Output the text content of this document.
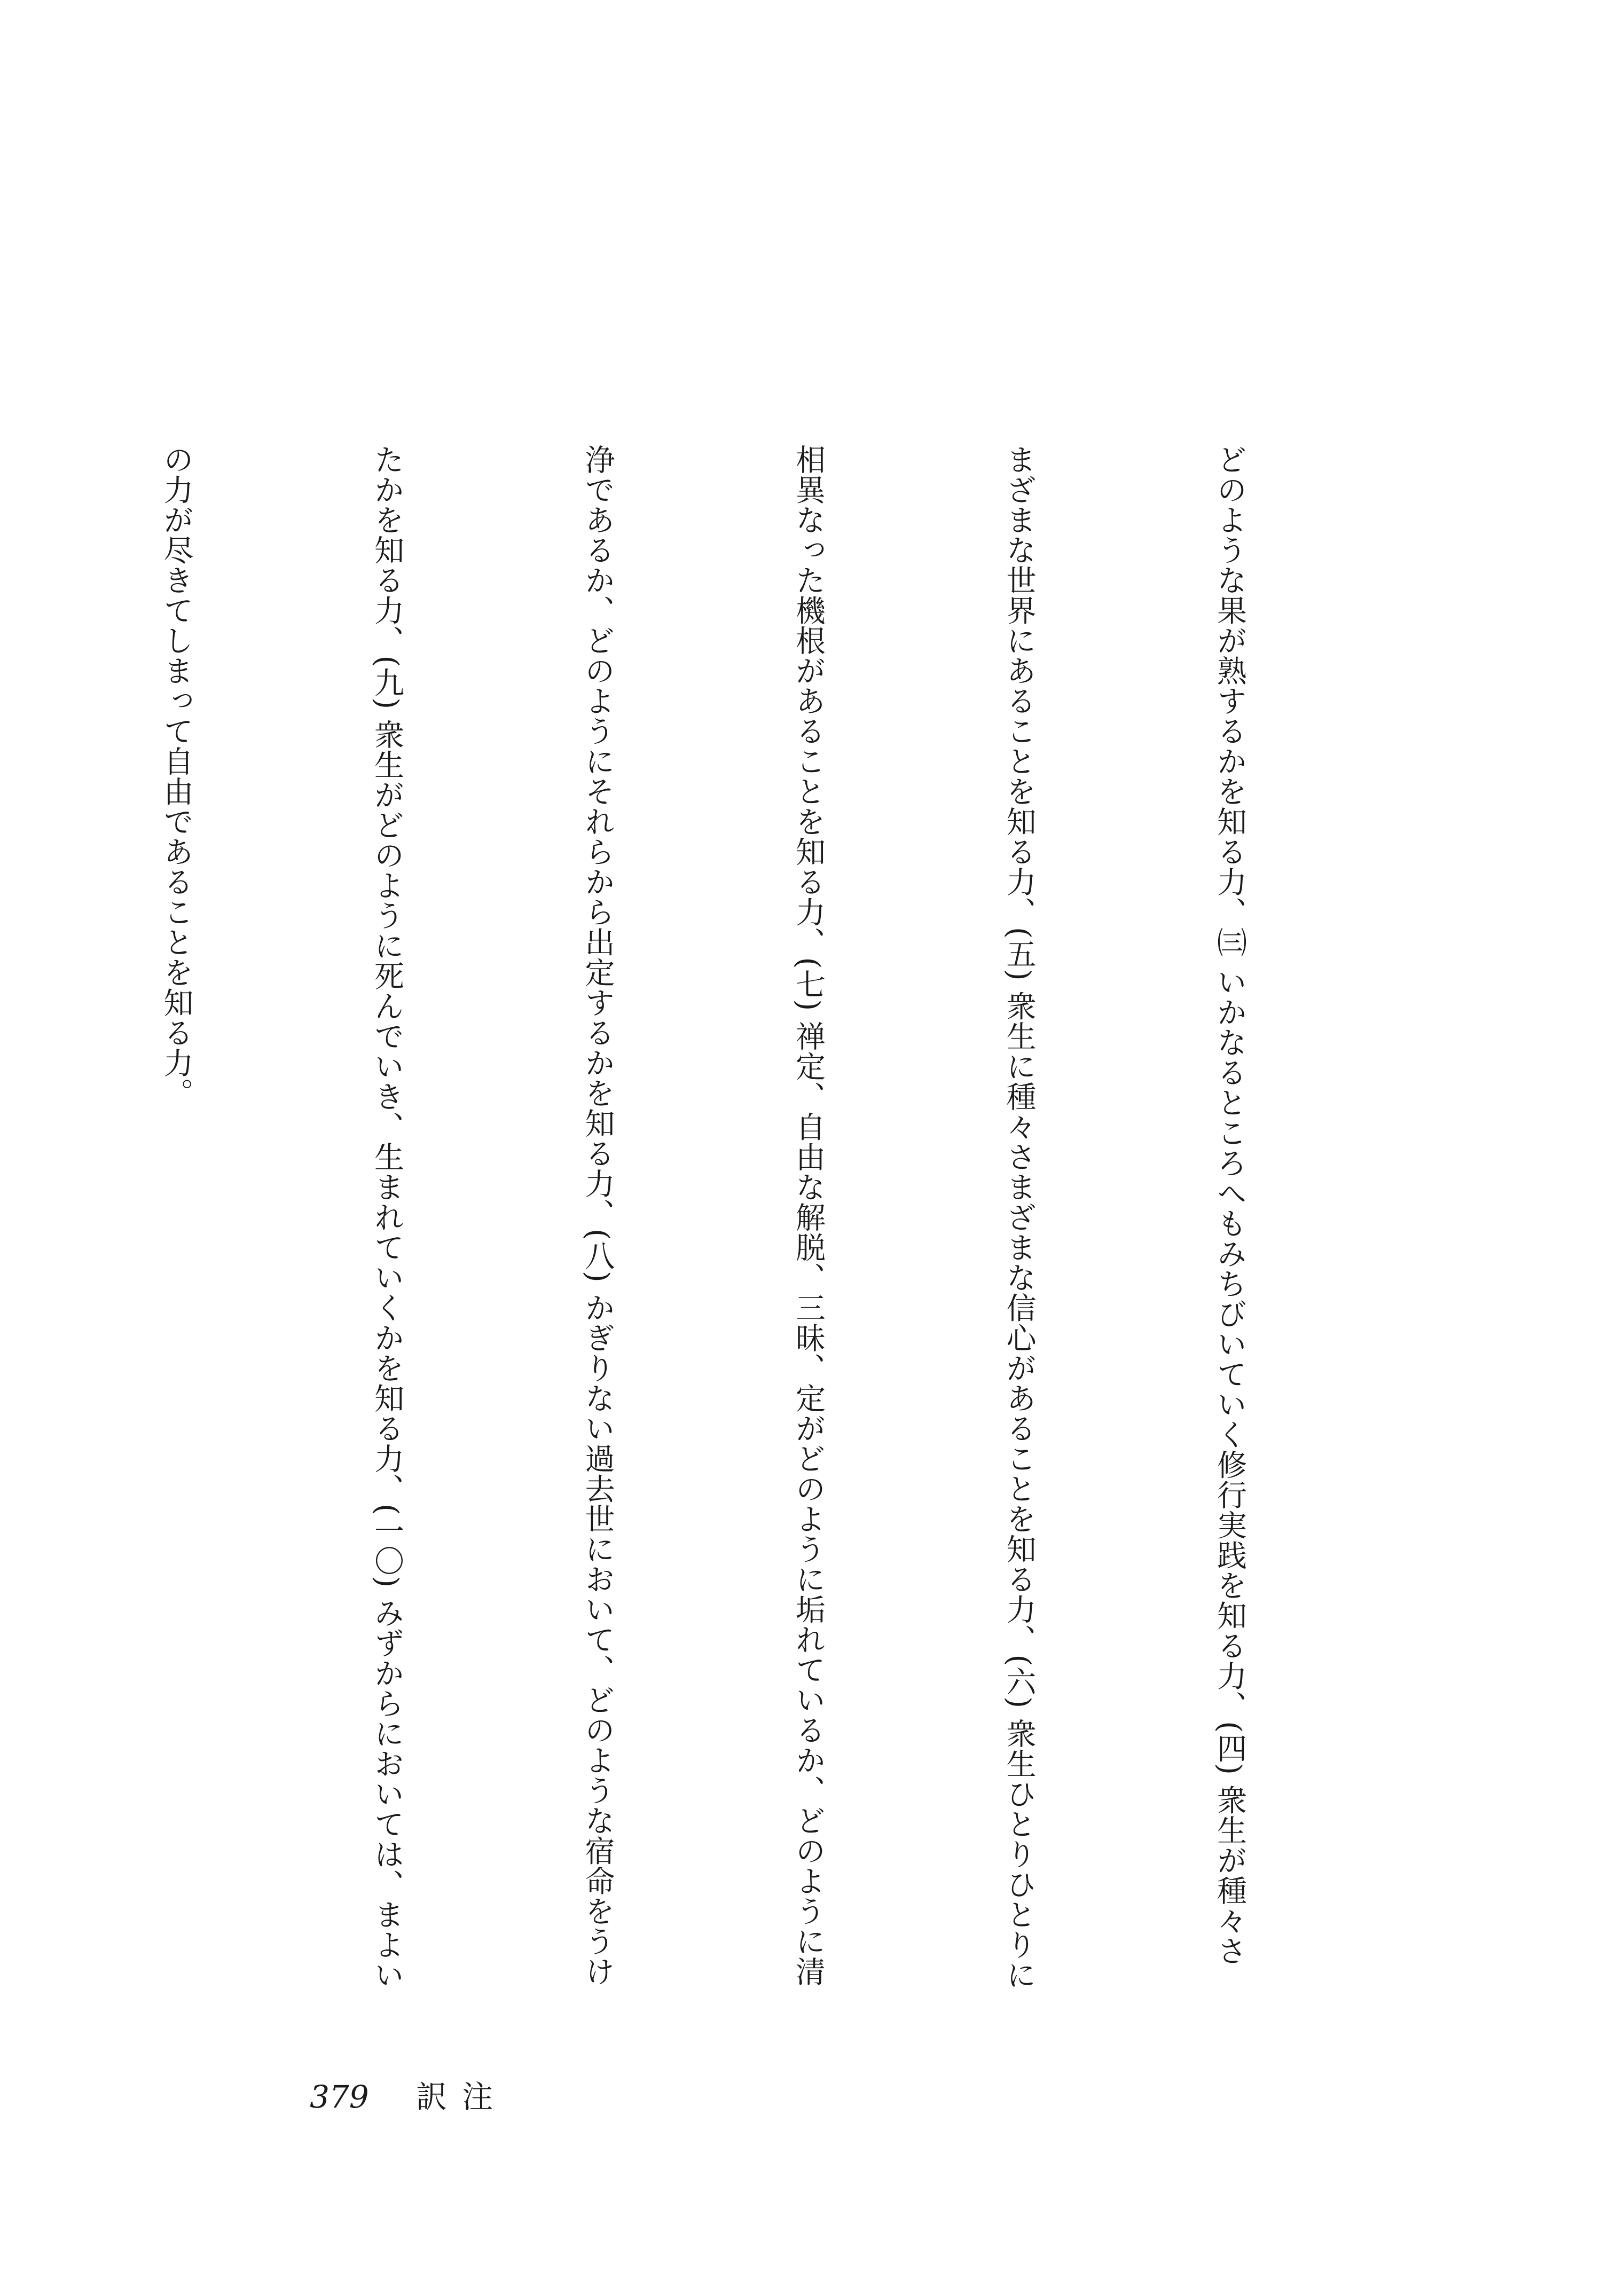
どのような果が熟するかを知る力、㈢ いかなるところへもみちびいていく修行実践を知る力、(四) 衆生が種々さ

まざまな世界にあることを知る力、(五) 衆生に種々さまざまな信心があることを知る力、(六) 衆生ひとりひとりに

相異なった機根があることを知る力、(七) 禅定、自由な解脱、三昧、定がどのように垢れているか、どのように清

浄であるか、どのようにそれらから出定するかを知る力、(八) かぎりない過去世において、どのような宿命をうけ

たかを知る力、(九) 衆生がどのように死んでいき、生まれていくかを知る力、(一〇) みずからにおいては、まよい

の力が尽きてしまって自由であることを知る力。

379 訳注
